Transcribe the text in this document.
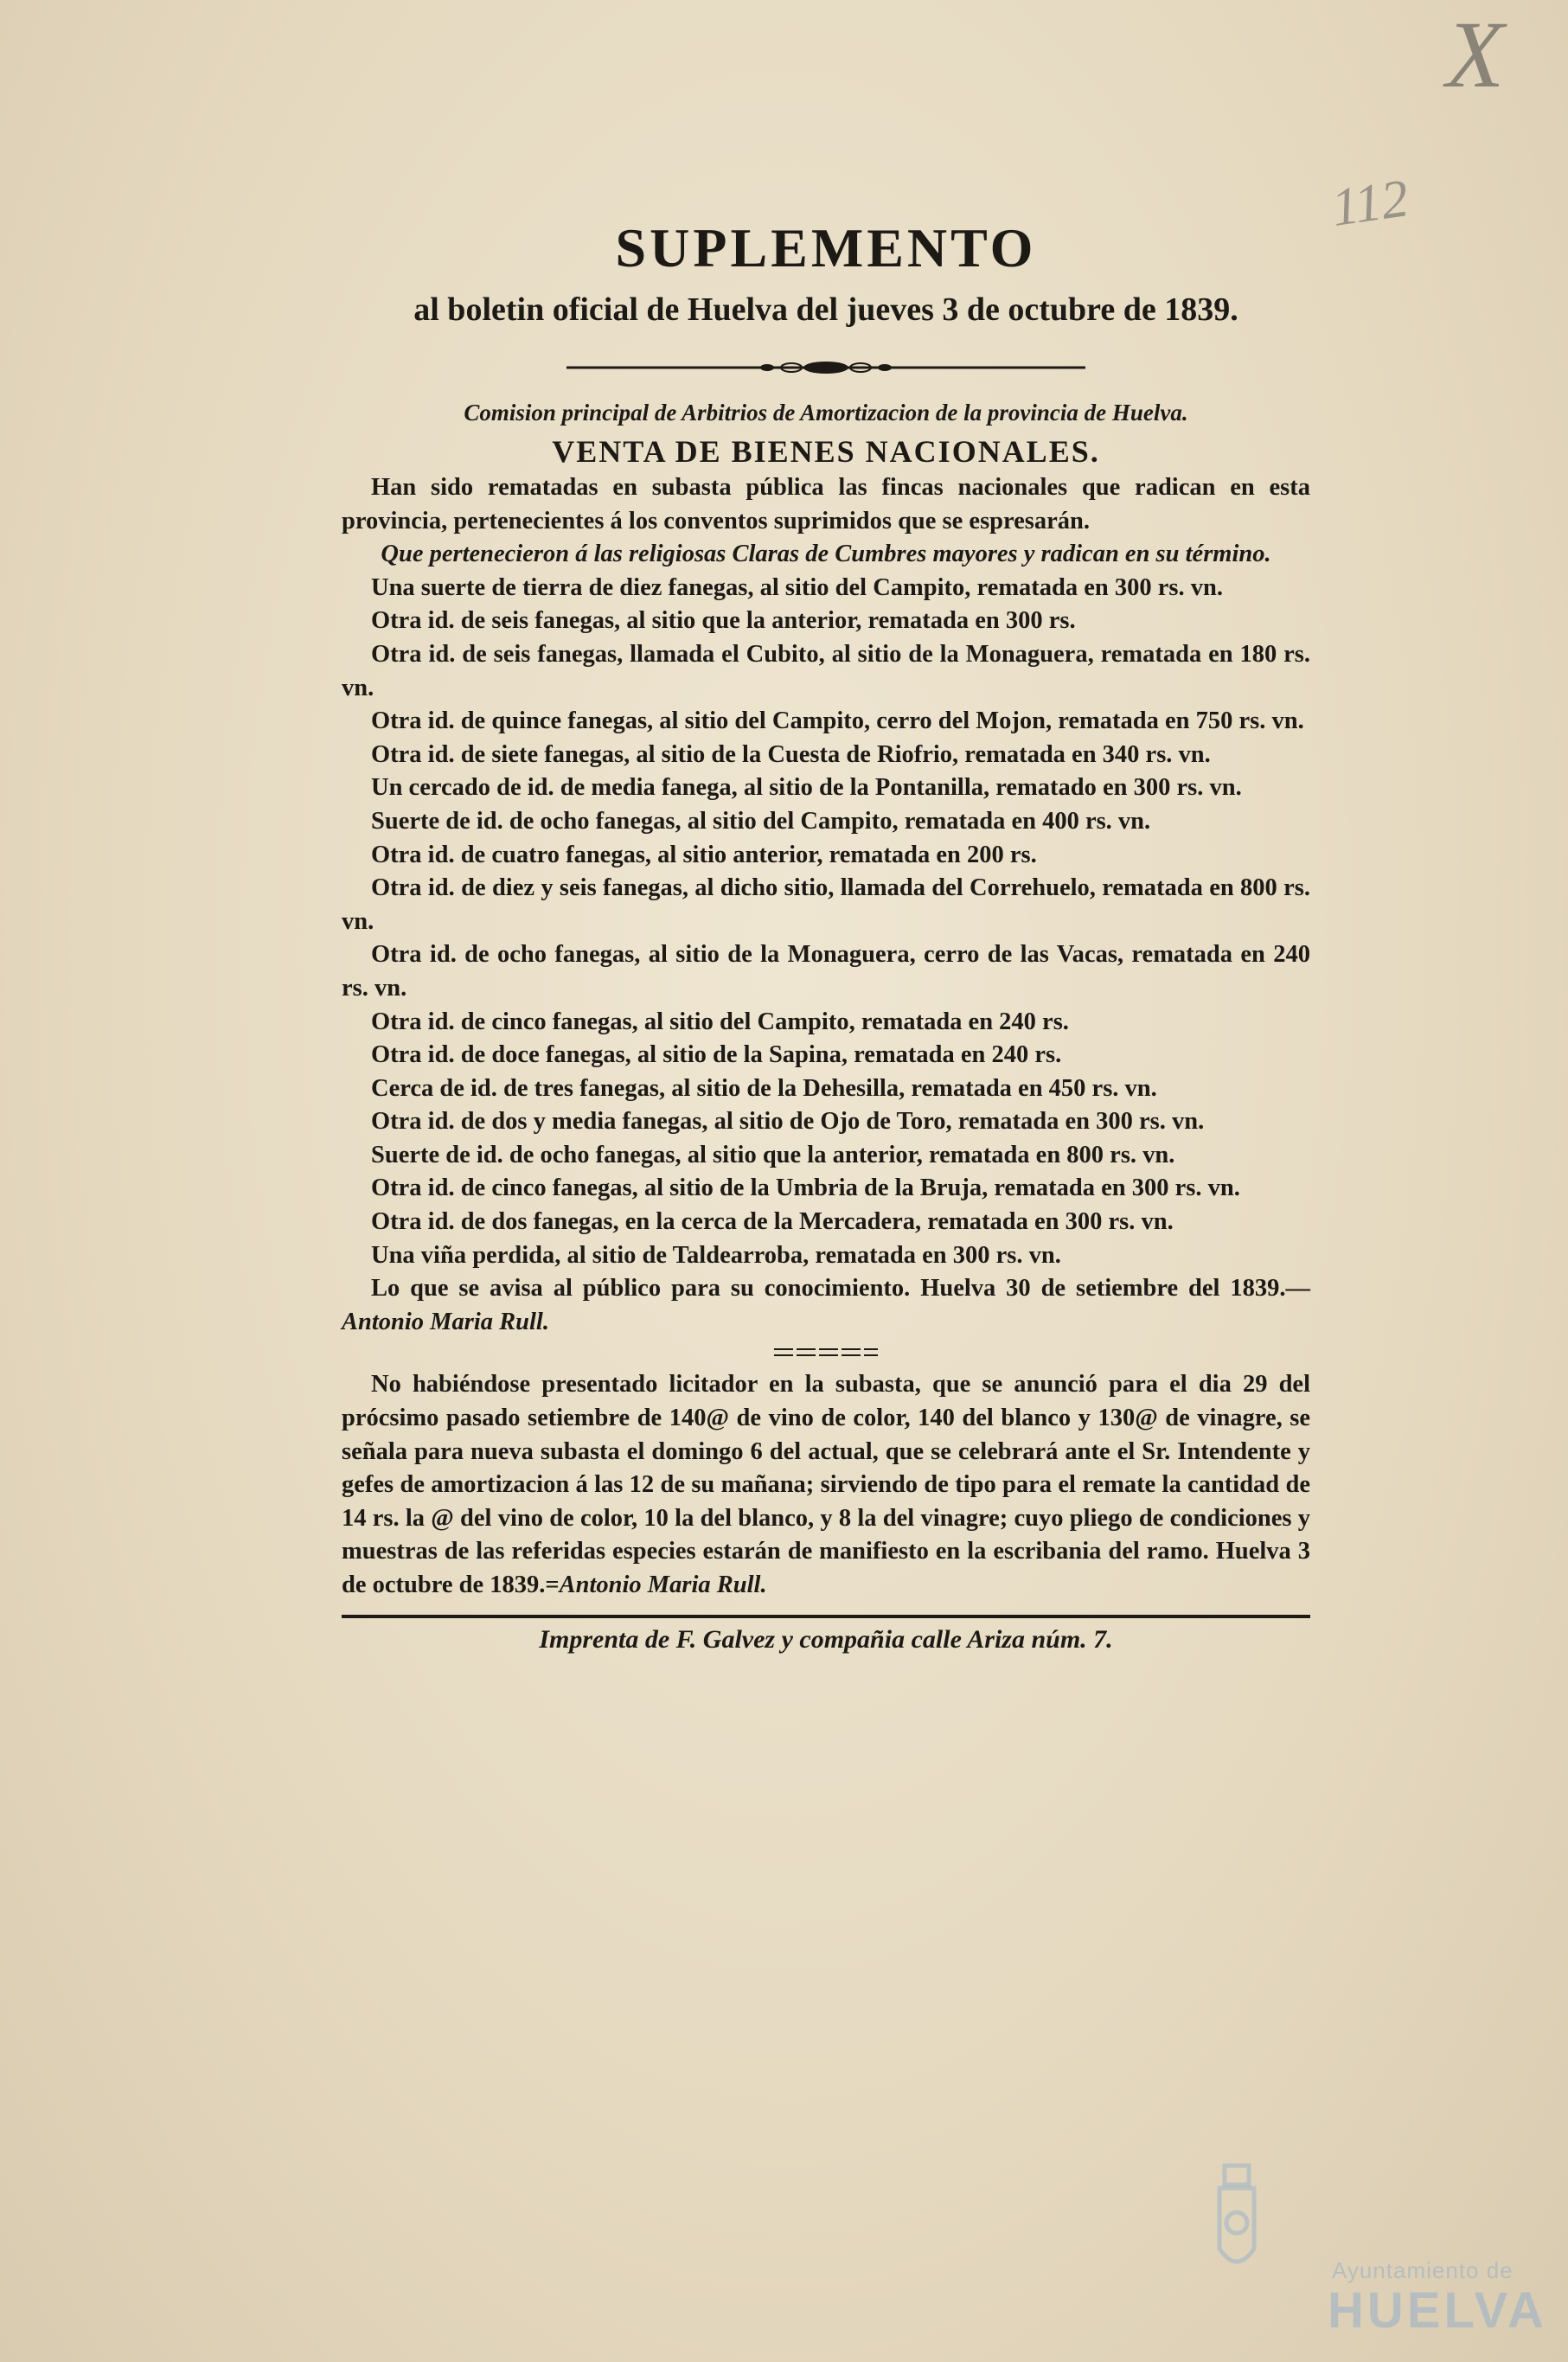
X
112
SUPLEMENTO
al boletin oficial de Huelva del jueves 3 de octubre de 1839.
Comision principal de Arbitrios de Amortizacion de la provincia de Huelva.
VENTA DE BIENES NACIONALES.

Han sido rematadas en subasta pública las fincas nacionales que radican en esta provincia, pertenecientes á los conventos suprimidos que se espresarán.

Que pertenecieron á las religiosas Claras de Cumbres mayores y radican en su término.

Una suerte de tierra de diez fanegas, al sitio del Campito, rematada en 300 rs. vn.

Otra id. de seis fanegas, al sitio que la anterior, rematada en 300 rs.

Otra id. de seis fanegas, llamada el Cubito, al sitio de la Monaguera, rematada en 180 rs. vn.

Otra id. de quince fanegas, al sitio del Campito, cerro del Mojon, rematada en 750 rs. vn.

Otra id. de siete fanegas, al sitio de la Cuesta de Riofrio, rematada en 340 rs. vn.

Un cercado de id. de media fanega, al sitio de la Pontanilla, rematado en 300 rs. vn.

Suerte de id. de ocho fanegas, al sitio del Campito, rematada en 400 rs. vn.

Otra id. de cuatro fanegas, al sitio anterior, rematada en 200 rs.

Otra id. de diez y seis fanegas, al dicho sitio, llamada del Correhuelo, rematada en 800 rs. vn.

Otra id. de ocho fanegas, al sitio de la Monaguera, cerro de las Vacas, rematada en 240 rs. vn.

Otra id. de cinco fanegas, al sitio del Campito, rematada en 240 rs.

Otra id. de doce fanegas, al sitio de la Sapina, rematada en 240 rs.

Cerca de id. de tres fanegas, al sitio de la Dehesilla, rematada en 450 rs. vn.

Otra id. de dos y media fanegas, al sitio de Ojo de Toro, rematada en 300 rs. vn.

Suerte de id. de ocho fanegas, al sitio que la anterior, rematada en 800 rs. vn.

Otra id. de cinco fanegas, al sitio de la Umbria de la Bruja, rematada en 300 rs. vn.

Otra id. de dos fanegas, en la cerca de la Mercadera, rematada en 300 rs. vn.

Una viña perdida, al sitio de Taldearroba, rematada en 300 rs. vn.

Lo que se avisa al público para su conocimiento. Huelva 30 de setiembre del 1839.—Antonio Maria Rull.

No habiéndose presentado licitador en la subasta, que se anunció para el dia 29 del prócsimo pasado setiembre de 140@ de vino de color, 140 del blanco y 130@ de vinagre, se señala para nueva subasta el domingo 6 del actual, que se celebrará ante el Sr. Intendente y gefes de amortizacion á las 12 de su mañana; sirviendo de tipo para el remate la cantidad de 14 rs. la @ del vino de color, 10 la del blanco, y 8 la del vinagre; cuyo pliego de condiciones y muestras de las referidas especies estarán de manifiesto en la escribania del ramo. Huelva 3 de octubre de 1839.=Antonio Maria Rull.

Imprenta de F. Galvez y compañia calle Ariza núm. 7.
Ayuntamiento de
HUELVA
